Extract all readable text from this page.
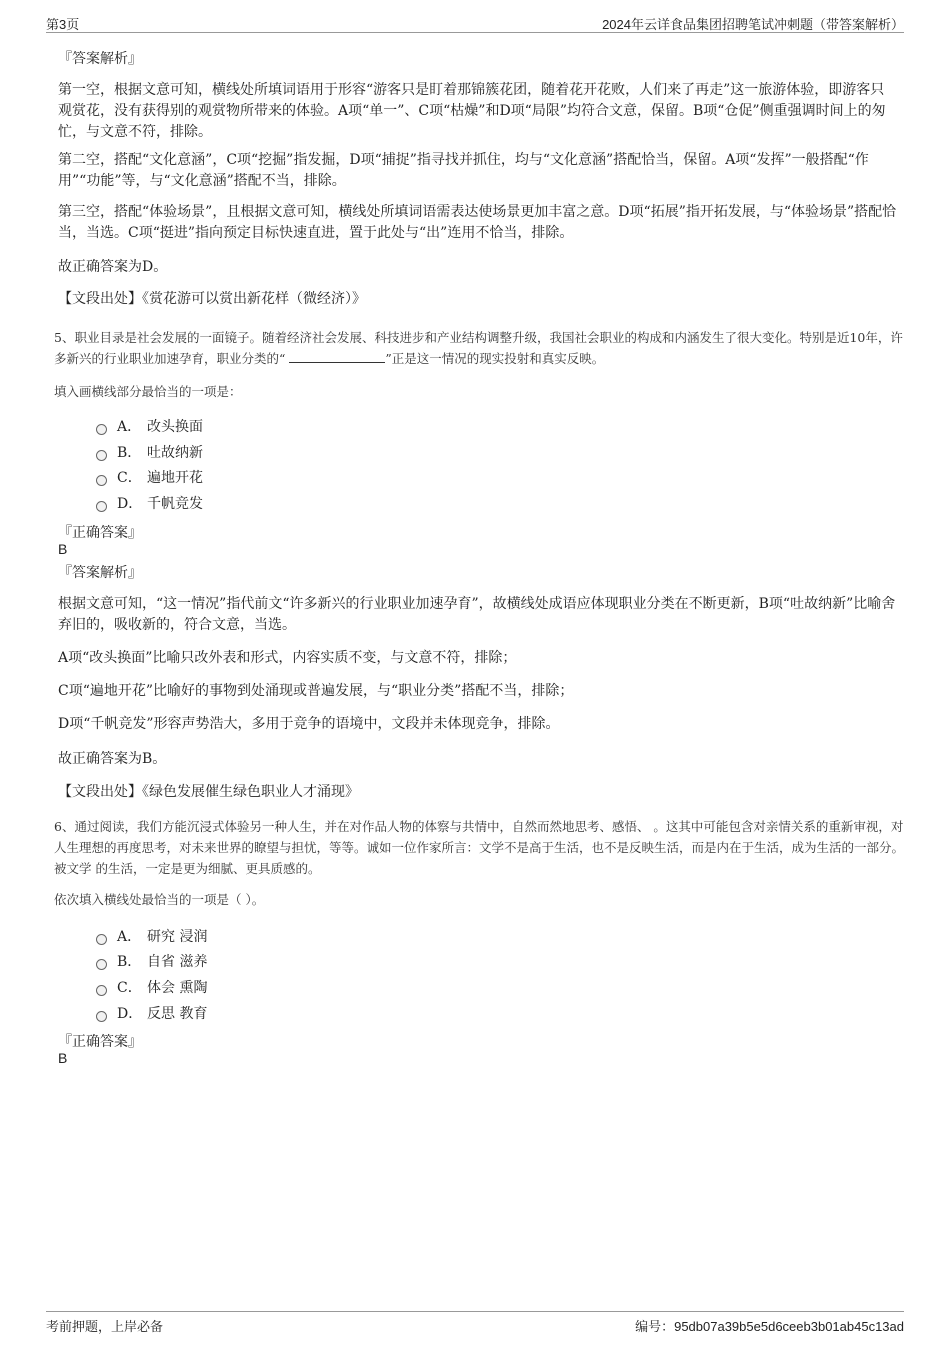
第3页	2024年云详食品集团招聘笔试冲刺题（带答案解析）
『答案解析』

第一空，根据文意可知，横线处所填词语用于形容“游客只是盯着那锦簇花团，随着花开花败，人们来了再走”这一旅游体验，即游客只观赏花，没有获得别的观赏物所带来的体验。A项“单一”、C项“枯燥”和D项“局限”均符合文意，保留。B项“仓促”侧重强调时间上的匆忙，与文意不符，排除。

第二空，搭配“文化意涵”，C项“挖掘”指发掘，D项“捕捉”指寻找并抓住，均与“文化意涵”搭配恰当，保留。A项“发挥”一般搭配“作用”“功能”等，与“文化意涵”搭配不当，排除。

第三空，搭配“体验场景”，且根据文意可知，横线处所填词语需表达使场景更加丰富之意。D项“拓展”指开拓发展，与“体验场景”搭配恰当，当选。C项“挺进”指向预定目标快速直进，置于此处与“出”连用不恰当，排除。

故正确答案为D。
【文段出处】《赏花游可以赏出新花样（微经济）》
5、职业目录是社会发展的一面镜子。随着经济社会发展、科技进步和产业结构调整升级，我国社会职业的构成和内涵发生了很大变化。特别是近10年，许多新兴的行业职业加速孕育，职业分类的“	”正是这一情况的现实投射和真实反映。
填入画横线部分最恰当的一项是：
A． 改头换面
B． 吐故纳新
C． 遍地开花
D． 千帆竞发
『正确答案』
B
『答案解析』

根据文意可知，“这一情况”指代前文“许多新兴的行业职业加速孕育”，故横线处成语应体现职业分类在不断更新，B项“吐故纳新”比喻舍弃旧的，吸收新的，符合文意，当选。

A项“改头换面”比喻只改外表和形式，内容实质不变，与文意不符，排除；

C项“遍地开花”比喻好的事物到处涌现或普遍发展，与“职业分类”搭配不当，排除；

D项“千帆竞发”形容声势浩大，多用于竞争的语境中，文段并未体现竞争，排除。

故正确答案为B。
【文段出处】《绿色发展催生绿色职业人才涌现》
6、通过阅读，我们方能沉浸式体验另一种人生，并在对作品人物的体察与共情中，自然而然地思考、感悟、 。这其中可能包含对亲情关系的重新审视，对人生理想的再度思考，对未来世界的瞭望与担忧，等等。诚如一位作家所言：文学不是高于生活，也不是反映生活，而是内在于生活，成为生活的一部分。被文学 的生活，一定是更为细腻、更具质感的。
依次填入横线处最恰当的一项是（ ）。
A． 研究 浸润
B． 自省 滋养
C． 体会 熏陶
D． 反思 教育
『正确答案』
B
考前押题，上岸必备	编号：95db07a39b5e5d6ceeb3b01ab45c13ad
